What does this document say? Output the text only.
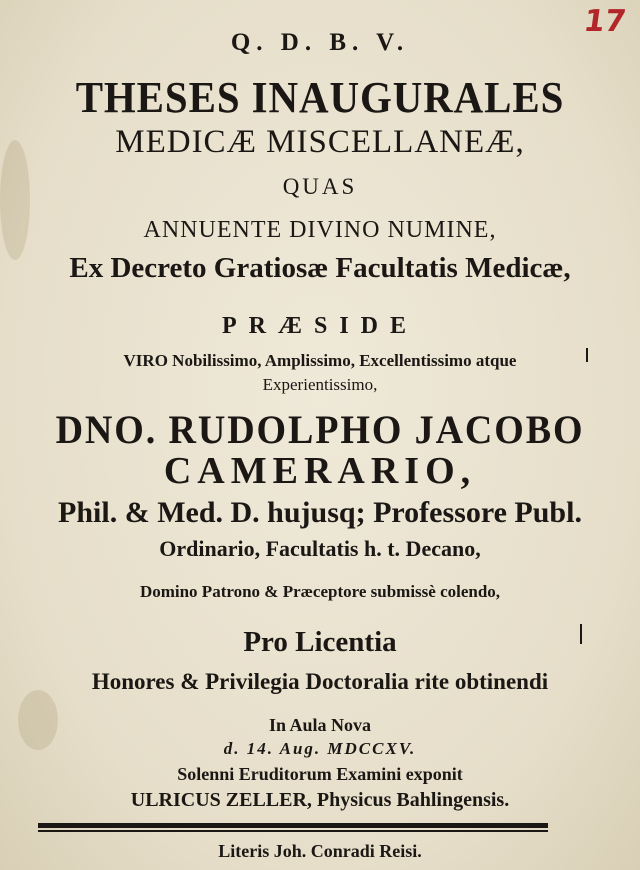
17
Q. D. B. V.
THESES INAUGURALES
MEDICÆ MISCELLANEÆ,
QUAS
ANNUENTE DIVINO NUMINE,
Ex Decreto Gratiosæ Facultatis Medicæ,
PRÆSIDE
VIRO Nobilissimo, Amplissimo, Excellentissimo atque
Experientissimo,
DNO. RUDOLPHO JACOBO
CAMERARIO,
Phil. & Med. D. hujusq; Professore Publ.
Ordinario, Facultatis h. t. Decano,
Domino Patrono & Præceptore submissè colendo,
Pro Licentia
Honores & Privilegia Doctoralia rite obtinendi
In Aula Nova
d. 14. Aug. MDCCXV.
Solenni Eruditorum Examini exponit
ULRICUS ZELLER, Physicus Bahlingensis.
Literis Joh. Conradi Reisi.
